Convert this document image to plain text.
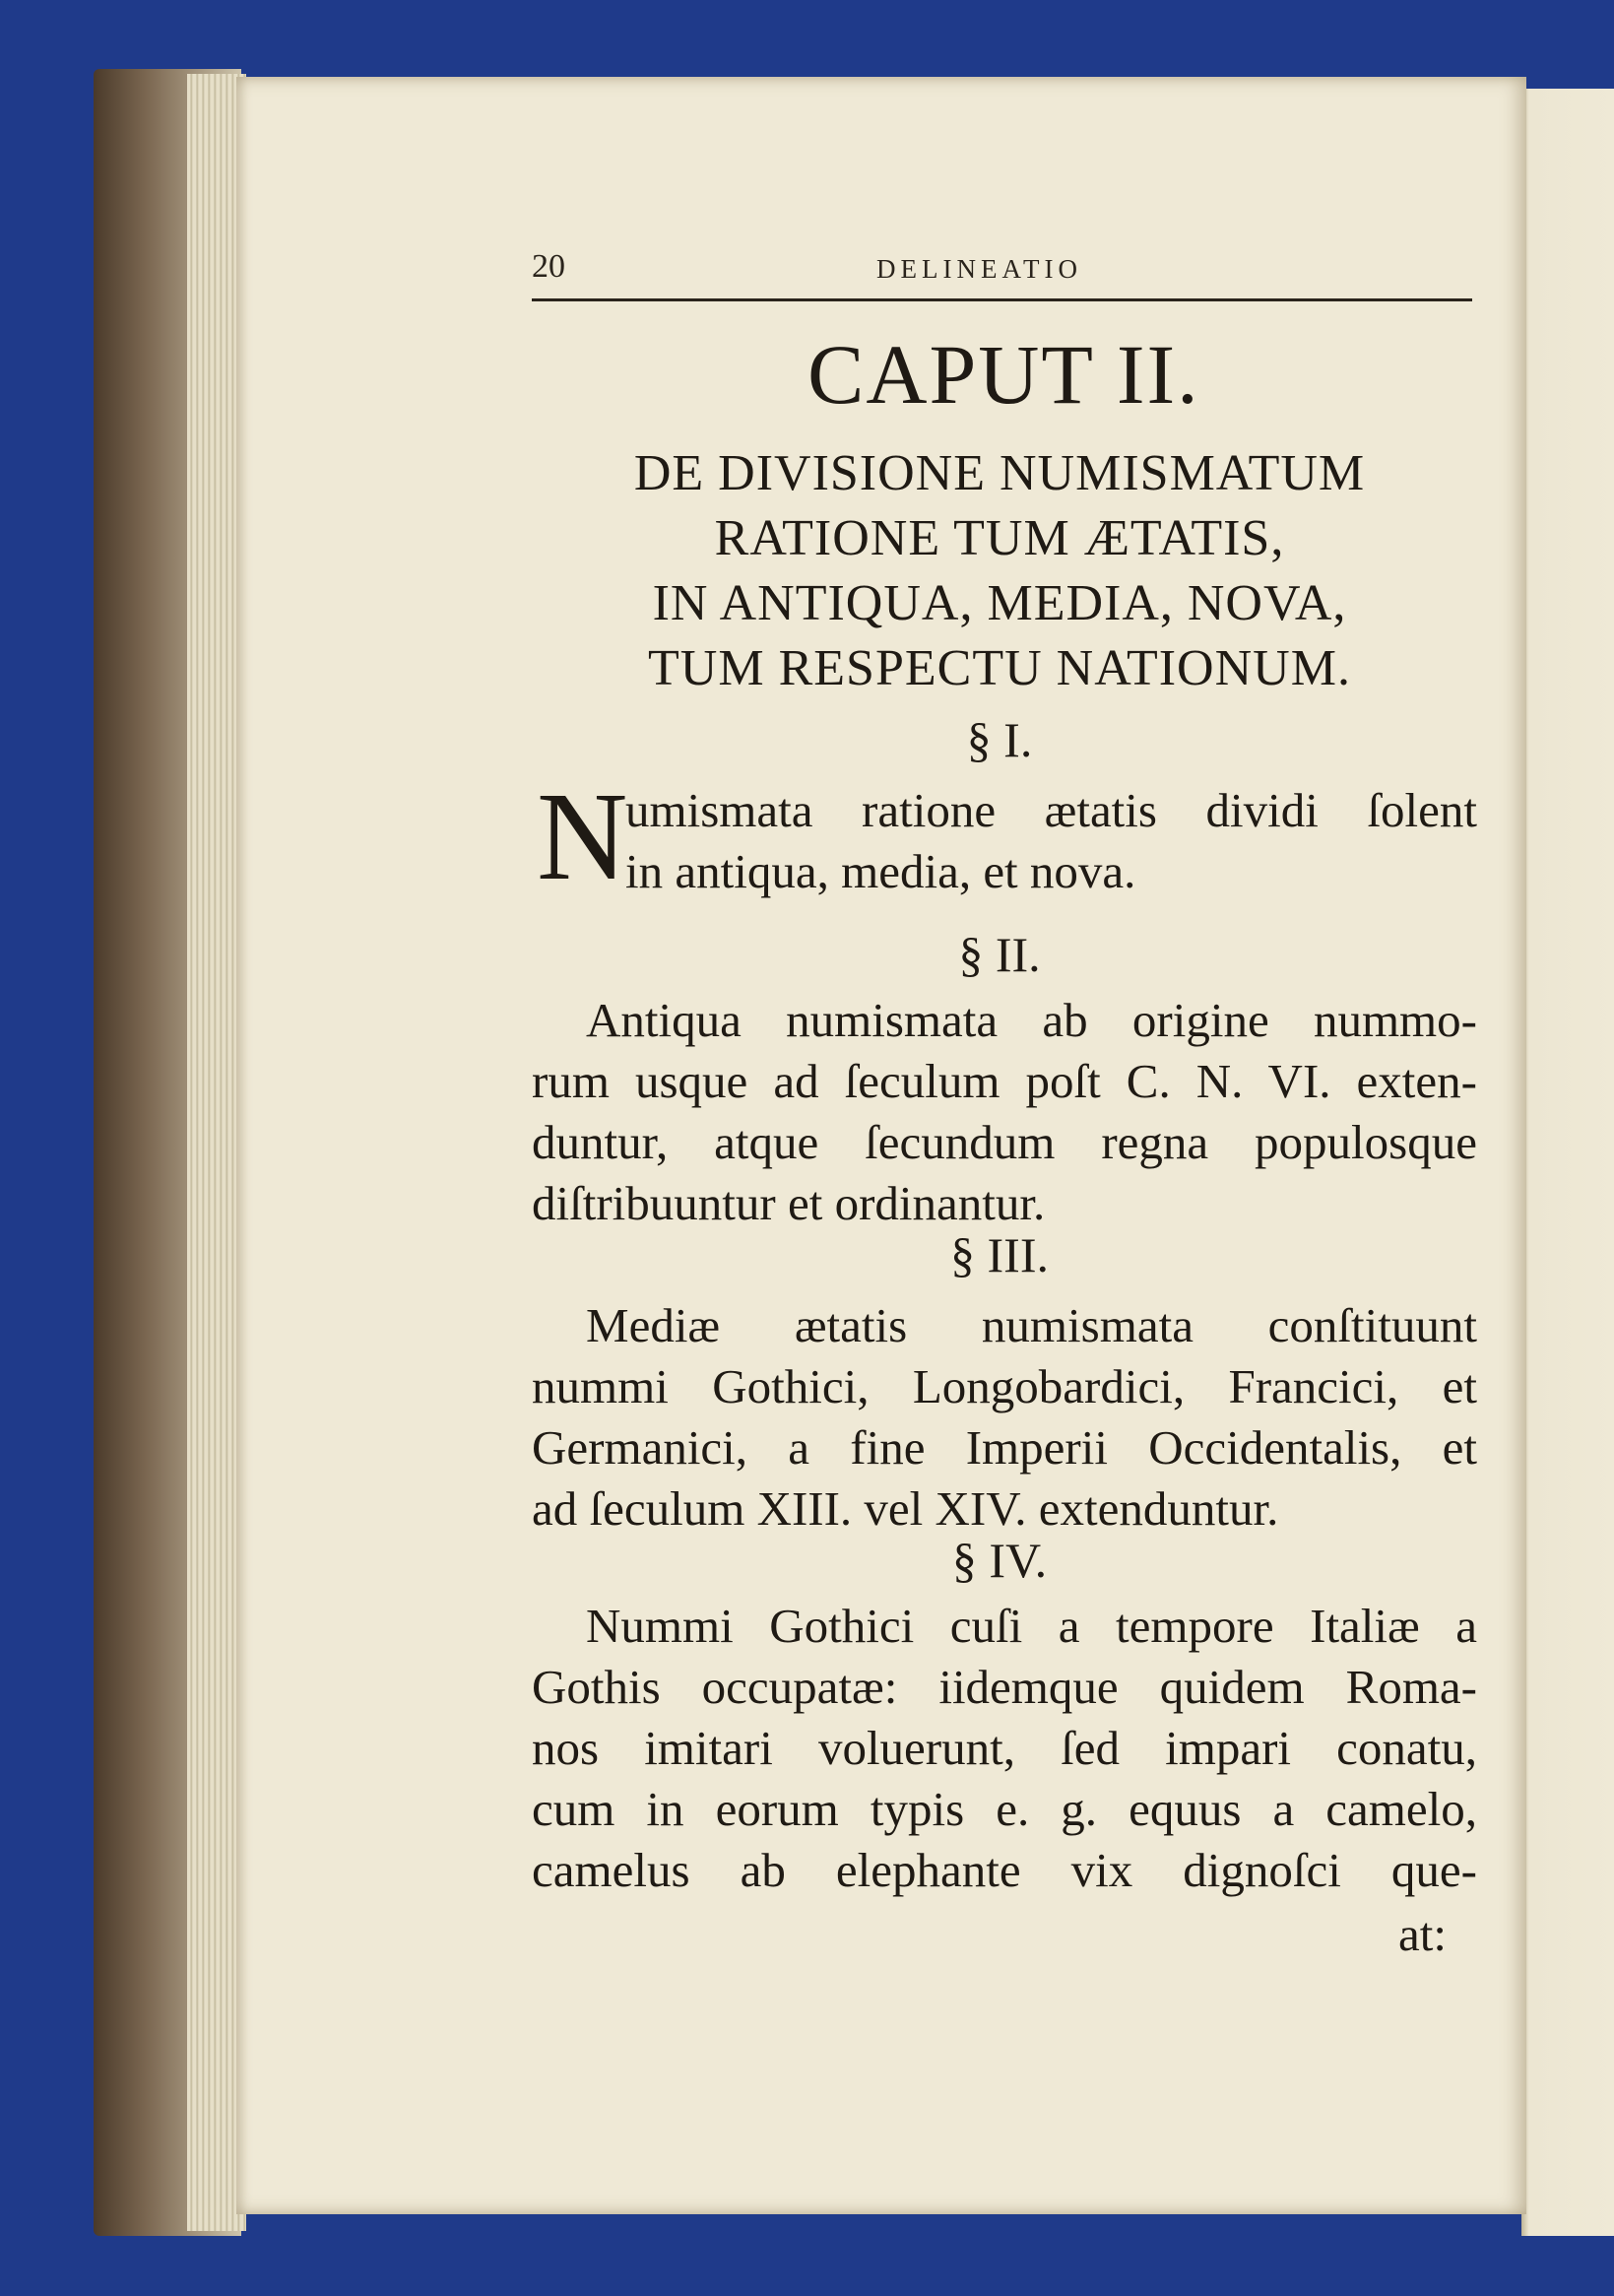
20	DELINEATIO
CAPUT II.
DE DIVISIONE NUMISMATUM
RATIONE TUM ÆTATIS,
IN ANTIQUA, MEDIA, NOVA,
TUM RESPECTU NATIONUM.
§ I.
N
umismata ratione ætatis dividi ſolent
in antiqua, media, et nova.
§ II.
Antiqua numismata ab origine nummo-
rum usque ad ſeculum poſt C. N. VI. exten-
duntur, atque ſecundum regna populosque
diſtribuuntur et ordinantur.
§ III.
Mediæ ætatis numismata conſtituunt
nummi Gothici, Longobardici, Francici, et
Germanici, a fine Imperii Occidentalis, et
ad ſeculum XIII. vel XIV. extenduntur.
§ IV.
Nummi Gothici cuſi a tempore Italiæ a
Gothis occupatæ: iidemque quidem Roma-
nos imitari voluerunt, ſed impari conatu,
cum in eorum typis e. g. equus a camelo,
camelus ab elephante vix dignoſci que-
at:
